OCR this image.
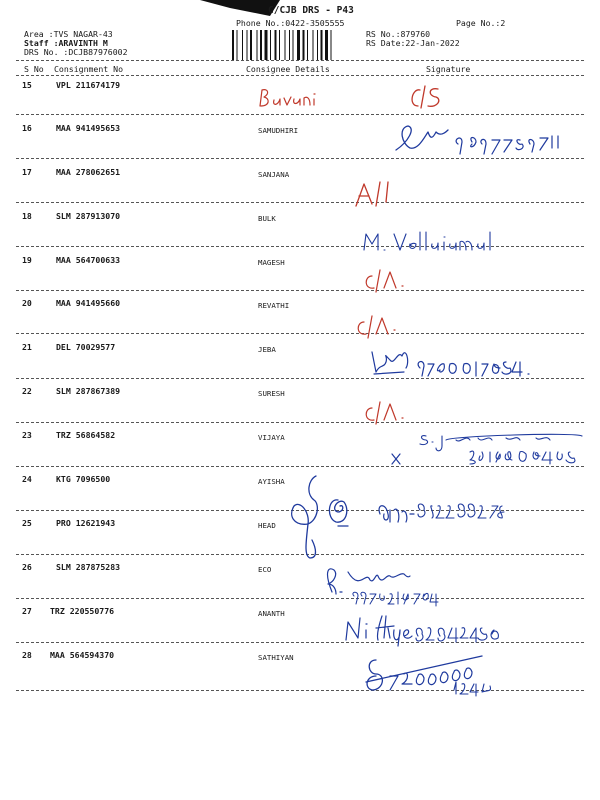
C/CJB DRS - P43
Phone No.:0422-3505555	Page No.:2
Area :TVS NAGAR-43
Staff :ARAVINTH M
DRS No. :DCJB87976002
RS No.:879760
RS Date:22-Jan-2022
S No Consignment No	Consignee Details	Signature
15	VPL 211674179
16	MAA 941495653	SAMUDHIRI
17	MAA 278062651	SANJANA
18	SLM 287913070	BULK
19	MAA 564700633	MAGESH
20	MAA 941495660	REVATHI
21	DEL 70029577	JEBA
22	SLM 287867389	SURESH
23	TRZ 56864582	VIJAYA
24	KTG 7096500	AYISHA
25	PRO 12621943	HEAD
26	SLM 287875283	ECO
27 TRZ 220550776	ANANTH
28 MAA 564594370	SATHIYAN
